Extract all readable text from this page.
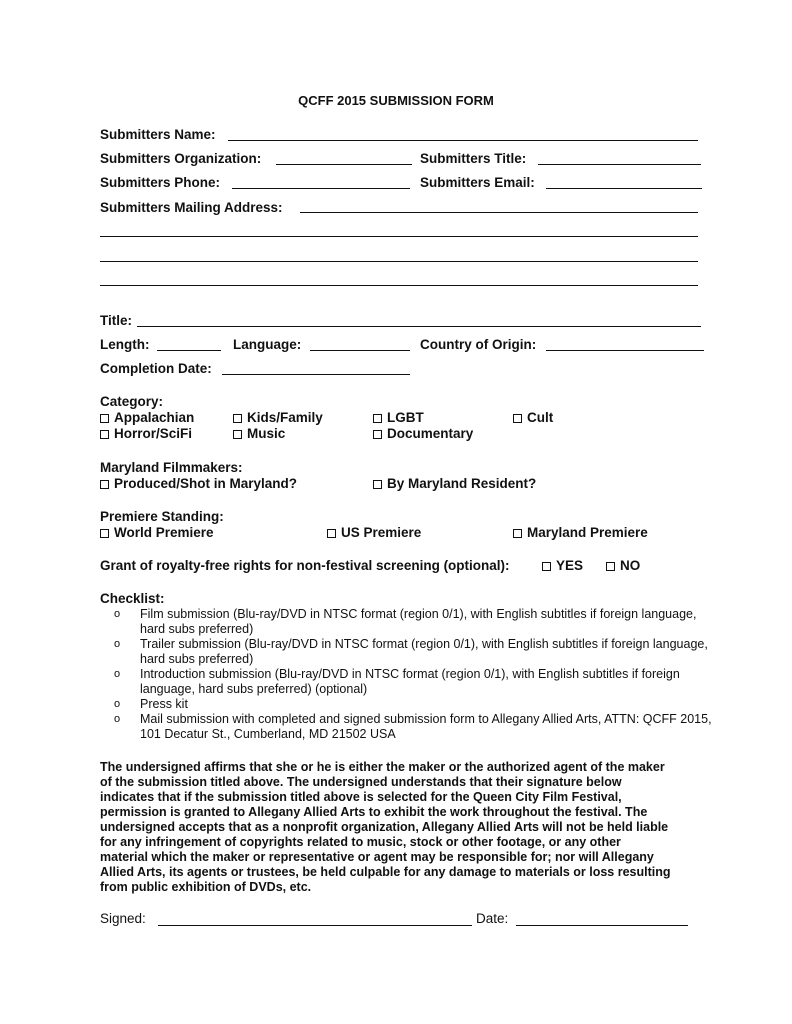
QCFF 2015 SUBMISSION FORM
Submitters Name:
Submitters Organization:	Submitters Title:
Submitters Phone:	Submitters Email:
Submitters Mailing Address:
Title:
Length:	Language:	Country of Origin:
Completion Date:
Category:
Appalachian	Kids/Family	LGBT	Cult
Horror/SciFi	Music	Documentary
Maryland Filmmakers:
Produced/Shot in Maryland?	By Maryland Resident?
Premiere Standing:
World Premiere	US Premiere	Maryland Premiere
Grant of royalty-free rights for non-festival screening (optional):	YES	NO
Checklist:
o Film submission (Blu-ray/DVD in NTSC format (region 0/1), with English subtitles if foreign language, hard subs preferred)
o Trailer submission (Blu-ray/DVD in NTSC format (region 0/1), with English subtitles if foreign language, hard subs preferred)
o Introduction submission (Blu-ray/DVD in NTSC format (region 0/1), with English subtitles if foreign language, hard subs preferred) (optional)
o Press kit
o Mail submission with completed and signed submission form to Allegany Allied Arts, ATTN: QCFF 2015, 101 Decatur St., Cumberland, MD 21502 USA
The undersigned affirms that she or he is either the maker or the authorized agent of the maker
of the submission titled above. The undersigned understands that their signature below
indicates that if the submission titled above is selected for the Queen City Film Festival,
permission is granted to Allegany Allied Arts to exhibit the work throughout the festival. The
undersigned accepts that as a nonprofit organization, Allegany Allied Arts will not be held liable
for any infringement of copyrights related to music, stock or other footage, or any other
material which the maker or representative or agent may be responsible for; nor will Allegany
Allied Arts, its agents or trustees, be held culpable for any damage to materials or loss resulting
from public exhibition of DVDs, etc.
Signed:	Date:
